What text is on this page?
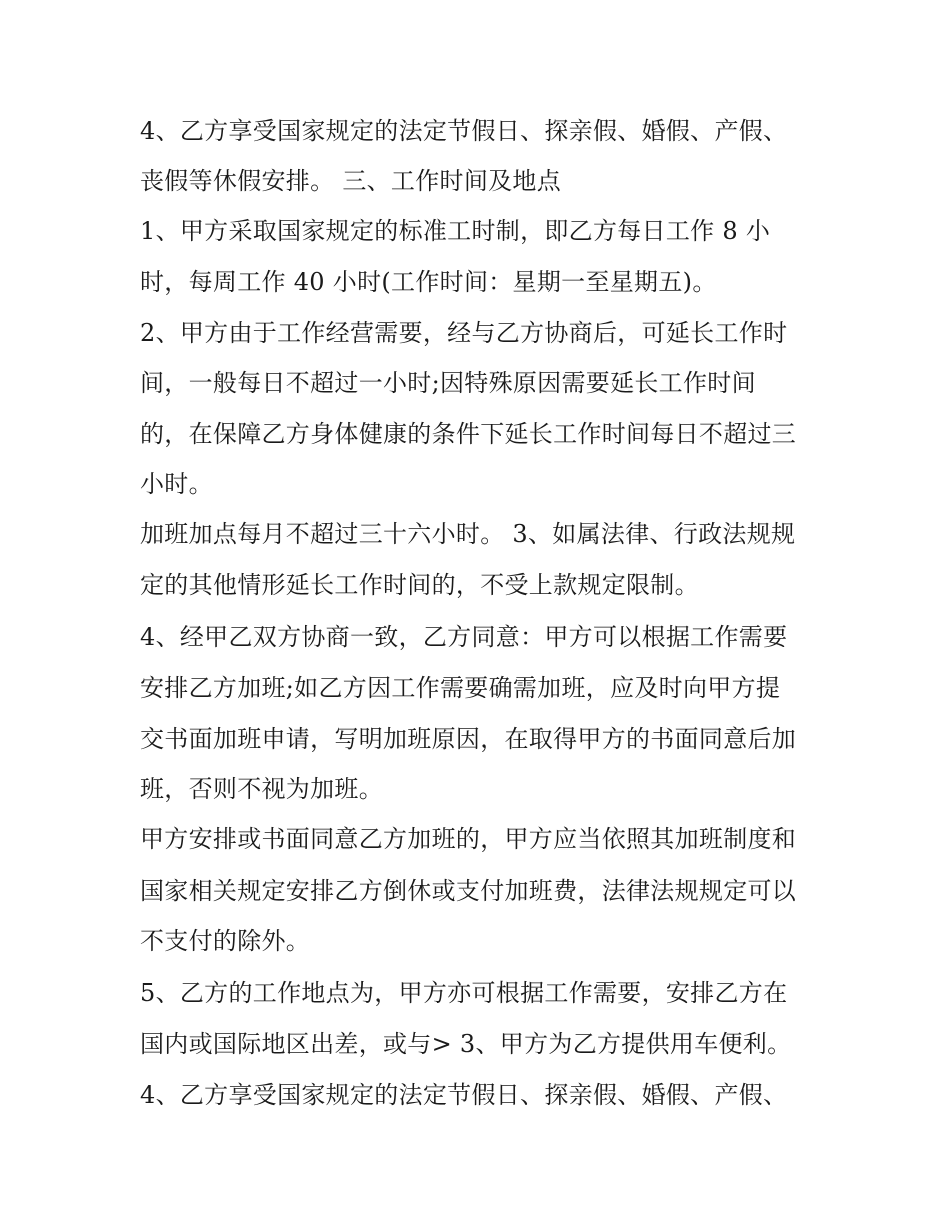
4、乙方享受国家规定的法定节假日、探亲假、婚假、产假、
丧假等休假安排。 三、工作时间及地点
1、甲方采取国家规定的标准工时制，即乙方每日工作 8 小
时，每周工作 40 小时(工作时间：星期一至星期五)。
2、甲方由于工作经营需要，经与乙方协商后，可延长工作时
间，一般每日不超过一小时;因特殊原因需要延长工作时间
的，在保障乙方身体健康的条件下延长工作时间每日不超过三
小时。
加班加点每月不超过三十六小时。 3、如属法律、行政法规规
定的其他情形延长工作时间的，不受上款规定限制。
4、经甲乙双方协商一致，乙方同意：甲方可以根据工作需要
安排乙方加班;如乙方因工作需要确需加班，应及时向甲方提
交书面加班申请，写明加班原因，在取得甲方的书面同意后加
班，否则不视为加班。
甲方安排或书面同意乙方加班的，甲方应当依照其加班制度和
国家相关规定安排乙方倒休或支付加班费，法律法规规定可以
不支付的除外。
5、乙方的工作地点为，甲方亦可根据工作需要，安排乙方在
国内或国际地区出差，或与> 3、甲方为乙方提供用车便利。
4、乙方享受国家规定的法定节假日、探亲假、婚假、产假、
